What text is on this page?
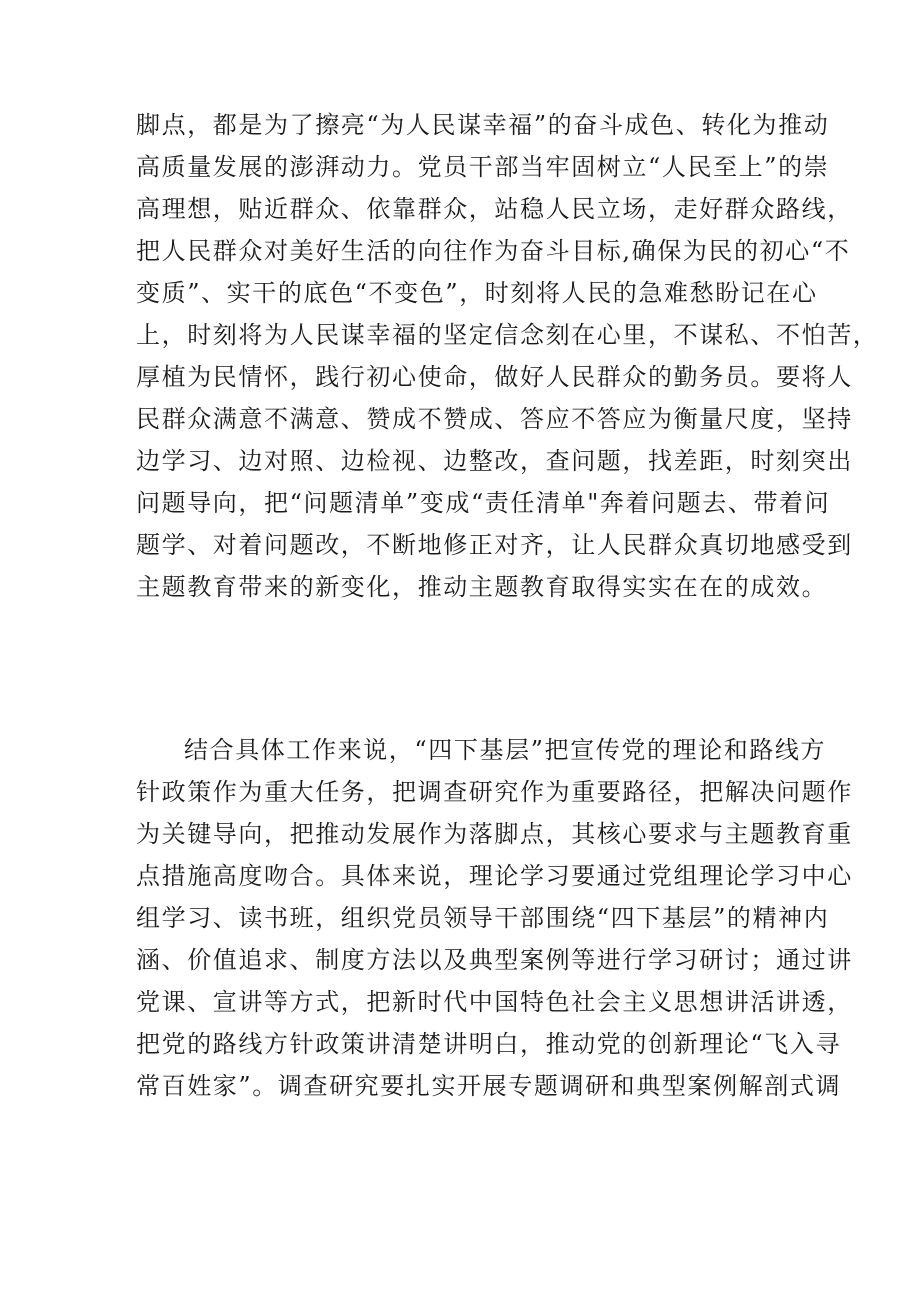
脚点，都是为了擦亮“为人民谋幸福”的奋斗成色、转化为推动
高质量发展的澎湃动力。党员干部当牢固树立“人民至上”的崇
高理想，贴近群众、依靠群众，站稳人民立场，走好群众路线，
把人民群众对美好生活的向往作为奋斗目标,确保为民的初心“不
变质”、实干的底色“不变色”，时刻将人民的急难愁盼记在心
上，时刻将为人民谋幸福的坚定信念刻在心里，不谋私、不怕苦，
厚植为民情怀，践行初心使命，做好人民群众的勤务员。要将人
民群众满意不满意、赞成不赞成、答应不答应为衡量尺度，坚持
边学习、边对照、边检视、边整改，查问题，找差距，时刻突出
问题导向，把“问题清单”变成“责任清单"奔着问题去、带着问
题学、对着问题改，不断地修正对齐，让人民群众真切地感受到
主题教育带来的新变化，推动主题教育取得实实在在的成效。
结合具体工作来说，“四下基层”把宣传党的理论和路线方
针政策作为重大任务，把调查研究作为重要路径，把解决问题作
为关键导向，把推动发展作为落脚点，其核心要求与主题教育重
点措施高度吻合。具体来说，理论学习要通过党组理论学习中心
组学习、读书班，组织党员领导干部围绕“四下基层”的精神内
涵、价值追求、制度方法以及典型案例等进行学习研讨；通过讲
党课、宣讲等方式，把新时代中国特色社会主义思想讲活讲透，
把党的路线方针政策讲清楚讲明白，推动党的创新理论“飞入寻
常百姓家”。调查研究要扎实开展专题调研和典型案例解剖式调
